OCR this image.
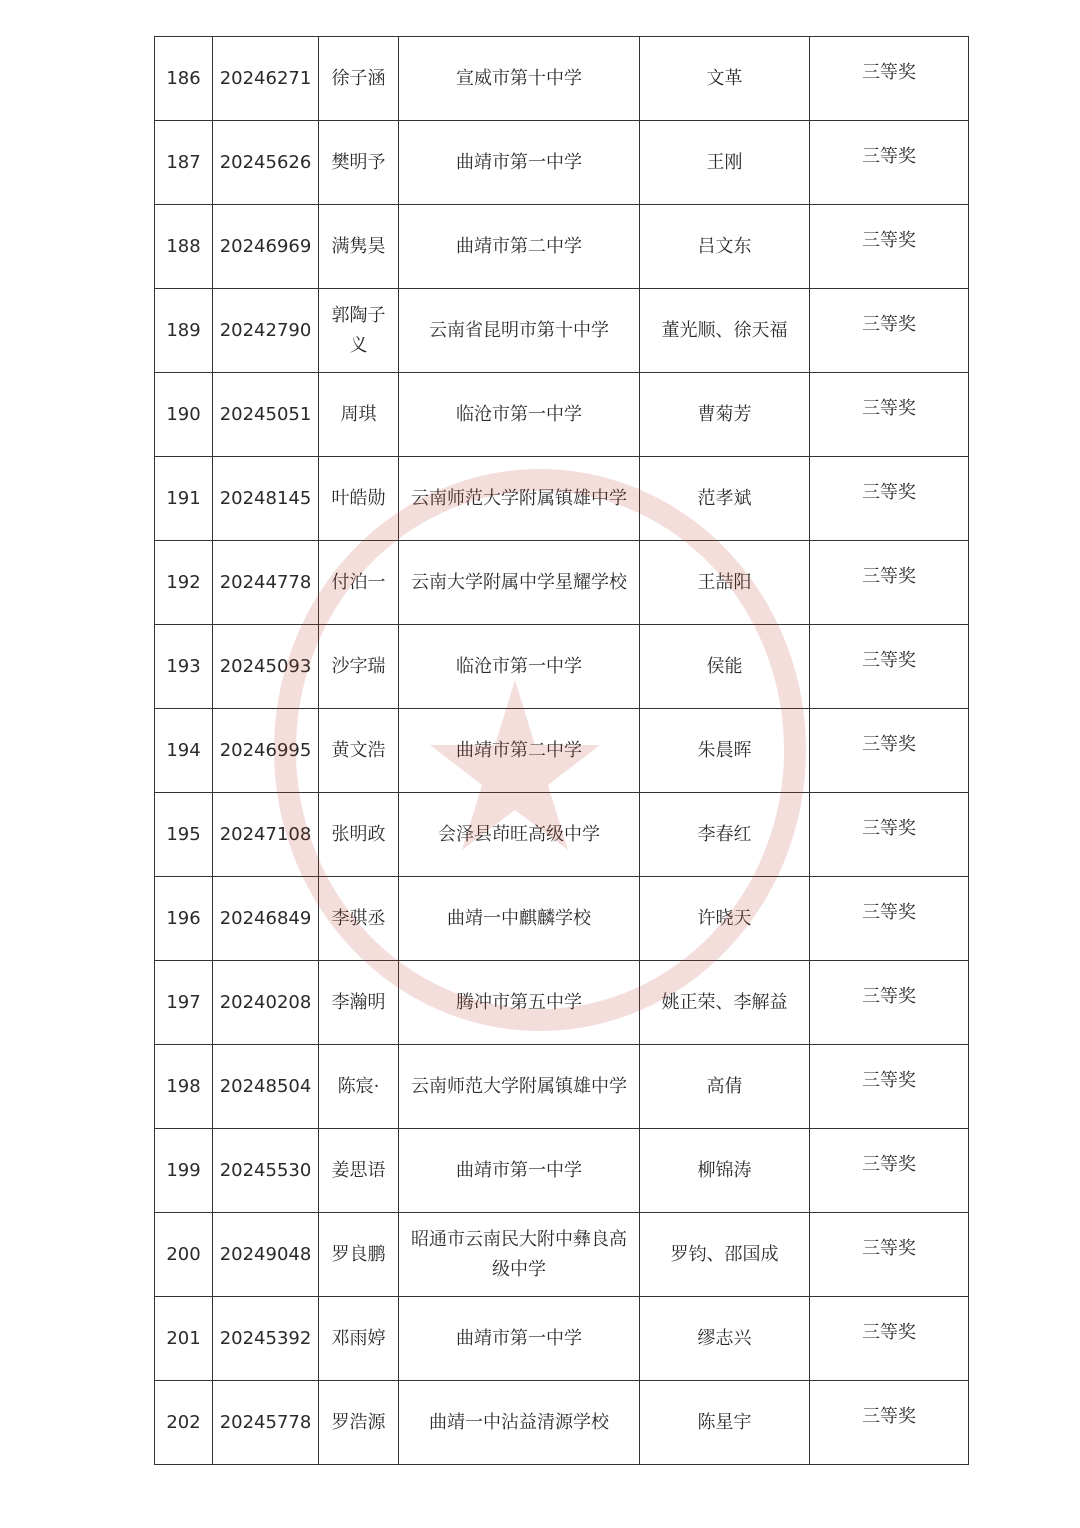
186	20246271	徐子涵	宣威市第十中学	文革	三等奖
187	20245626	樊明予	曲靖市第一中学	王刚	三等奖
188	20246969	满隽昊	曲靖市第二中学	吕文东	三等奖
189	20242790	郭陶子义	云南省昆明市第十中学	董光顺、徐天福	三等奖
190	20245051	周琪	临沧市第一中学	曹菊芳	三等奖
191	20248145	叶皓勋	云南师范大学附属镇雄中学	范孝斌	三等奖
192	20244778	付泊一	云南大学附属中学星耀学校	王喆阳	三等奖
193	20245093	沙字瑞	临沧市第一中学	侯能	三等奖
194	20246995	黄文浩	曲靖市第二中学	朱晨晖	三等奖
195	20247108	张明政	会泽县茚旺高级中学	李春红	三等奖
196	20246849	李骐丞	曲靖一中麒麟学校	许晓天	三等奖
197	20240208	李瀚明	腾冲市第五中学	姚正荣、李解益	三等奖
198	20248504	陈宸·	云南师范大学附属镇雄中学	高倩	三等奖
199	20245530	姜思语	曲靖市第一中学	柳锦涛	三等奖
200	20249048	罗良鹏	昭通市云南民大附中彝良高级中学	罗钧、邵国成	三等奖
201	20245392	邓雨婷	曲靖市第一中学	缪志兴	三等奖
202	20245778	罗浩源	曲靖一中沾益清源学校	陈星宇	三等奖
